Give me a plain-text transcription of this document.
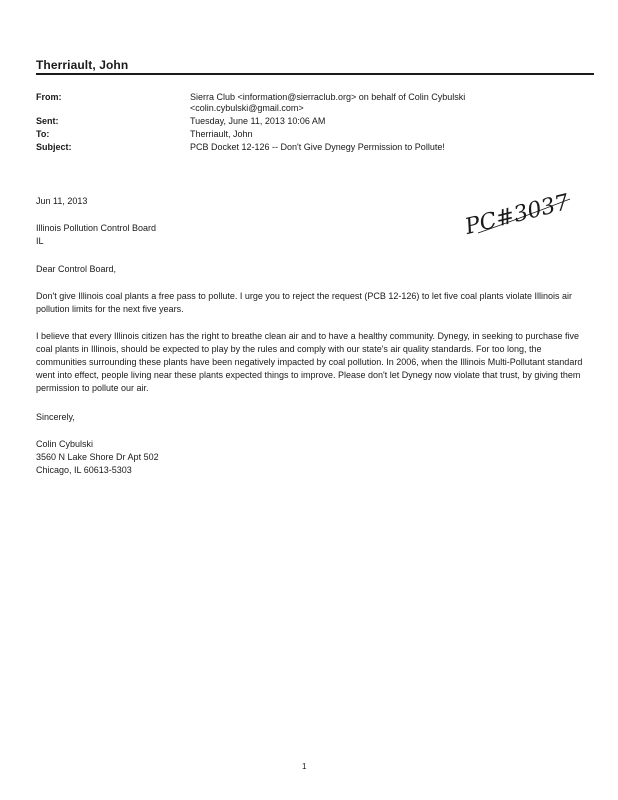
Therriault, John
From:	Sierra Club <information@sierraclub.org> on behalf of Colin Cybulski
<colin.cybulski@gmail.com>
Sent:	Tuesday, June 11, 2013 10:06 AM
To:	Therriault, John
Subject:	PCB Docket 12-126 -- Don't Give Dynegy Permission to Pollute!
PC#3037
Jun 11, 2013
Illinois Pollution Control Board
IL
Dear Control Board,
Don't give Illinois coal plants a free pass to pollute. I urge you to reject the request (PCB 12-126) to let five coal plants violate Illinois air pollution limits for the next five years.
I believe that every Illinois citizen has the right to breathe clean air and to have a healthy community. Dynegy, in seeking to purchase five coal plants in Illinois, should be expected to play by the rules and comply with our state's air quality standards. For too long, the communities surrounding these plants have been negatively impacted by coal pollution. In 2006, when the Illinois Multi-Pollutant standard went into effect, people living near these plants expected things to improve. Please don't let Dynegy now violate that trust, by giving them permission to pollute our air.
Sincerely,
Colin Cybulski
3560 N Lake Shore Dr Apt 502
Chicago, IL 60613-5303
1
